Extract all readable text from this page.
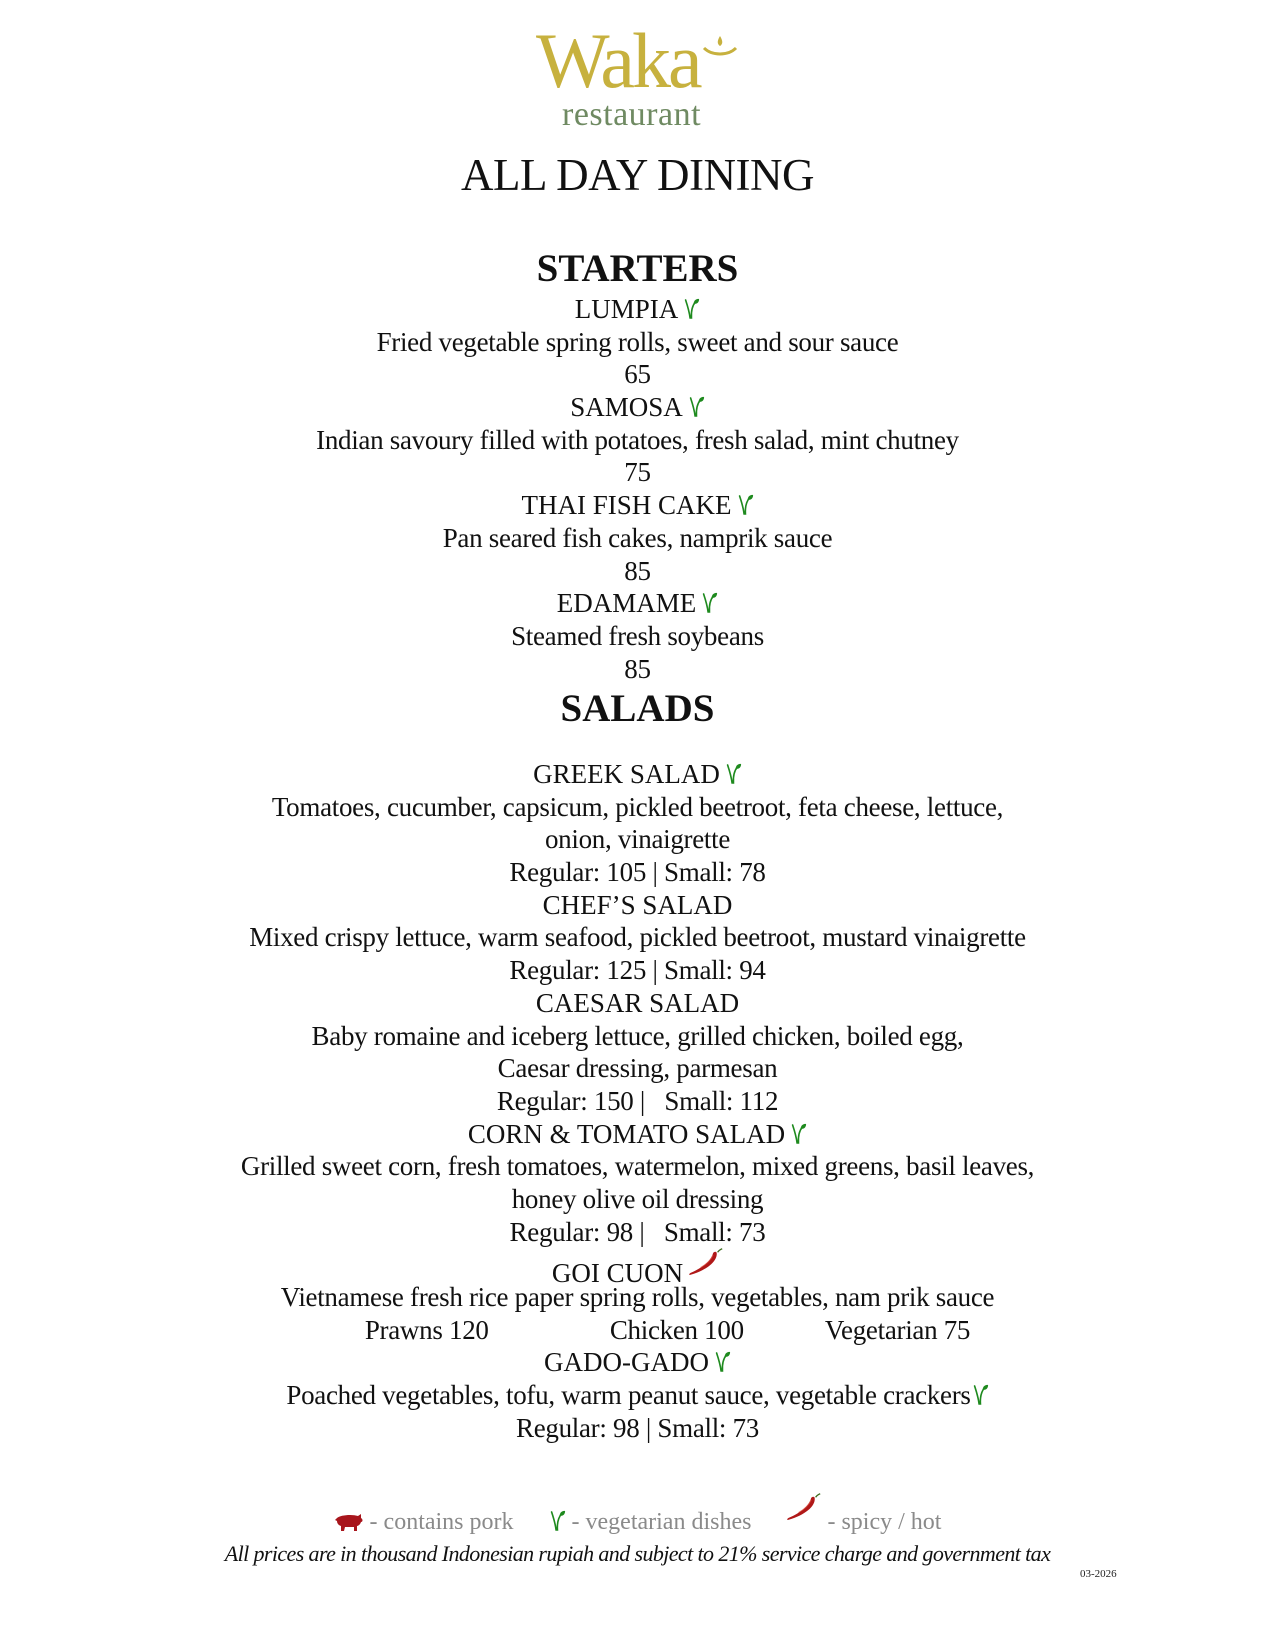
Waka
restaurant
ALL DAY DINING
STARTERS
LUMPIA
Fried vegetable spring rolls, sweet and sour sauce
65
SAMOSA
Indian savoury filled with potatoes, fresh salad, mint chutney
75
THAI FISH CAKE
Pan seared fish cakes, namprik sauce
85
EDAMAME
Steamed fresh soybeans
85
SALADS
GREEK SALAD
Tomatoes, cucumber, capsicum, pickled beetroot, feta cheese, lettuce,
onion, vinaigrette
Regular: 105 | Small: 78
CHEF’S SALAD
Mixed crispy lettuce, warm seafood, pickled beetroot, mustard vinaigrette
Regular: 125 | Small: 94
CAESAR SALAD
Baby romaine and iceberg lettuce, grilled chicken, boiled egg,
Caesar dressing, parmesan
Regular: 150 |   Small: 112
CORN & TOMATO SALAD
Grilled sweet corn, fresh tomatoes, watermelon, mixed greens, basil leaves,
honey olive oil dressing
Regular: 98 |   Small: 73
GOI CUON
Vietnamese fresh rice paper spring rolls, vegetables, nam prik sauce
Prawns 120	Chicken 100	Vegetarian 75
GADO-GADO
Poached vegetables, tofu, warm peanut sauce, vegetable crackers
Regular: 98 | Small: 73
- contains pork - vegetarian dishes	- spicy / hot
All prices are in thousand Indonesian rupiah and subject to 21% service charge and government tax
03-2026
